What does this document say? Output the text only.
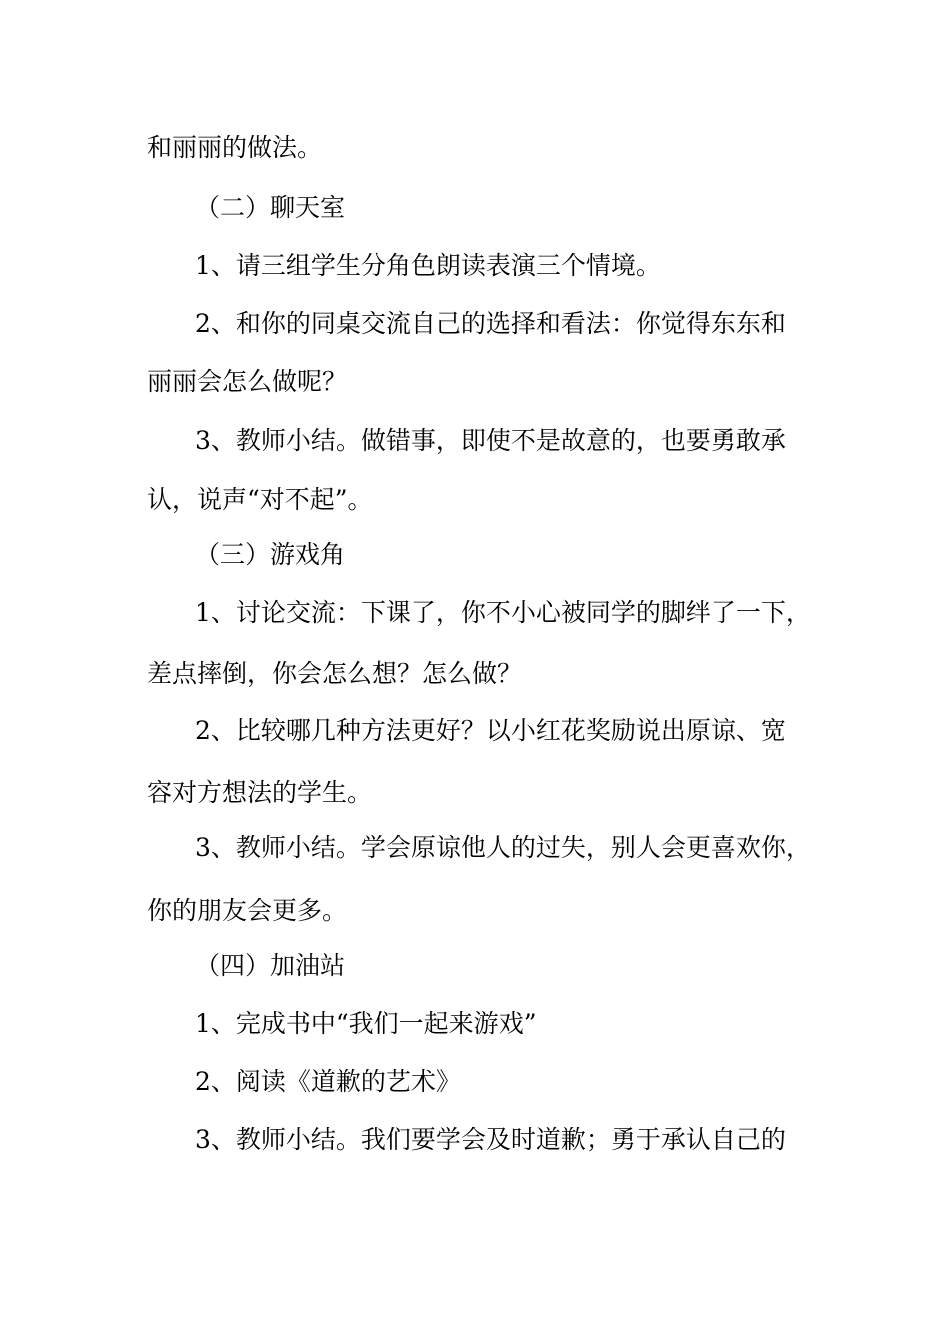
和丽丽的做法。
（二）聊天室
1、请三组学生分角色朗读表演三个情境。
2、和你的同桌交流自己的选择和看法：你觉得东东和
丽丽会怎么做呢？
3、教师小结。做错事，即使不是故意的，也要勇敢承
认，说声“对不起”。
（三）游戏角
1、讨论交流：下课了，你不小心被同学的脚绊了一下，
差点摔倒，你会怎么想？怎么做？
2、比较哪几种方法更好？以小红花奖励说出原谅、宽
容对方想法的学生。
3、教师小结。学会原谅他人的过失，别人会更喜欢你，
你的朋友会更多。
（四）加油站
1、完成书中“我们一起来游戏”
2、阅读《道歉的艺术》
3、教师小结。我们要学会及时道歉；勇于承认自己的
